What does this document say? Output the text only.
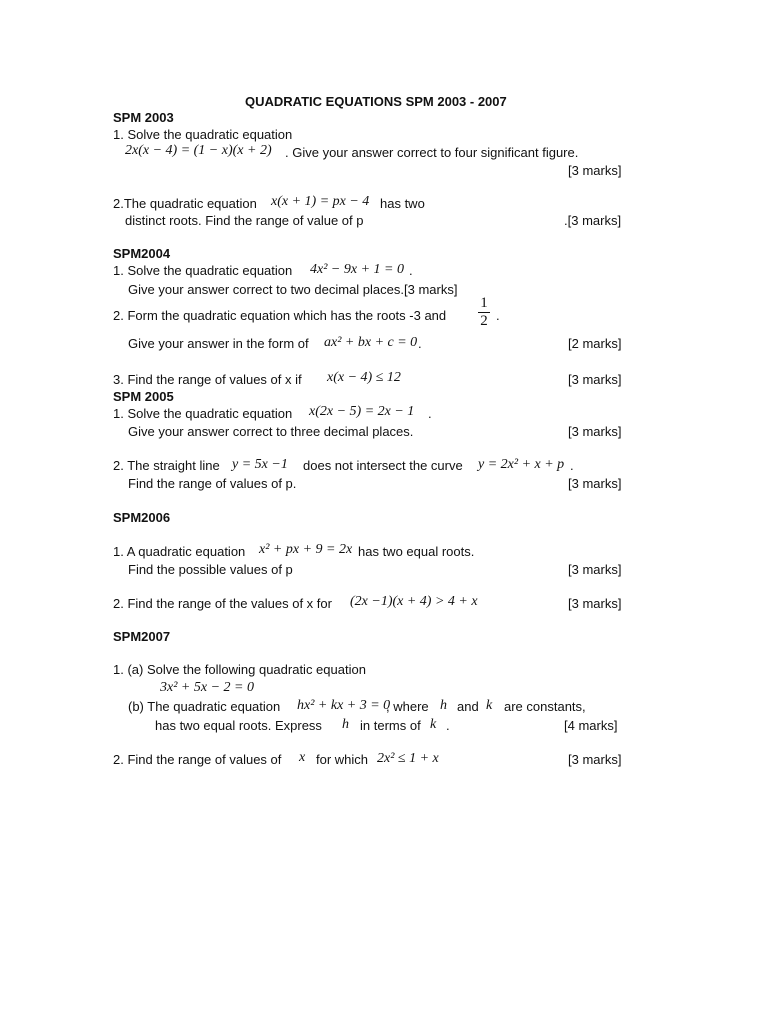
QUADRATIC EQUATIONS SPM 2003 - 2007
SPM 2003
1. Solve the quadratic equation
2x(x − 4) = (1 − x)(x + 2) . Give your answer correct to four significant figure.
[3 marks]
2.The quadratic equation x(x + 1) = px − 4 has two
distinct roots. Find the range of value of p	.[3 marks]
SPM2004
1. Solve the quadratic equation 4x² − 9x + 1 = 0 .
Give your answer correct to two decimal places.[3 marks]
2. Form the quadratic equation which has the roots -3 and
1
2 .
Give your answer in the form of ax² + bx + c = 0 .	[2 marks]
3. Find the range of values of x if x(x − 4) ≤ 12	[3 marks]
SPM 2005
1. Solve the quadratic equation x(2x − 5) = 2x − 1 .
Give your answer correct to three decimal places.	[3 marks]
2. The straight line y = 5x −1 does not intersect the curve y = 2x² + x + p .
Find the range of values of p.	[3 marks]
SPM2006
1. A quadratic equation x² + px + 9 = 2x has two equal roots.
Find the possible values of p	[3 marks]
2. Find the range of the values of x for (2x −1)(x + 4) > 4 + x	[3 marks]
SPM2007
1. (a) Solve the following quadratic equation
3x² + 5x − 2 = 0
(b) The quadratic equation hx² + kx + 3 = 0
, where h and k are constants,
has two equal roots. Express h in terms of k .	[4 marks]
2. Find the range of values of x for which 2x² ≤ 1 + x	[3 marks]
